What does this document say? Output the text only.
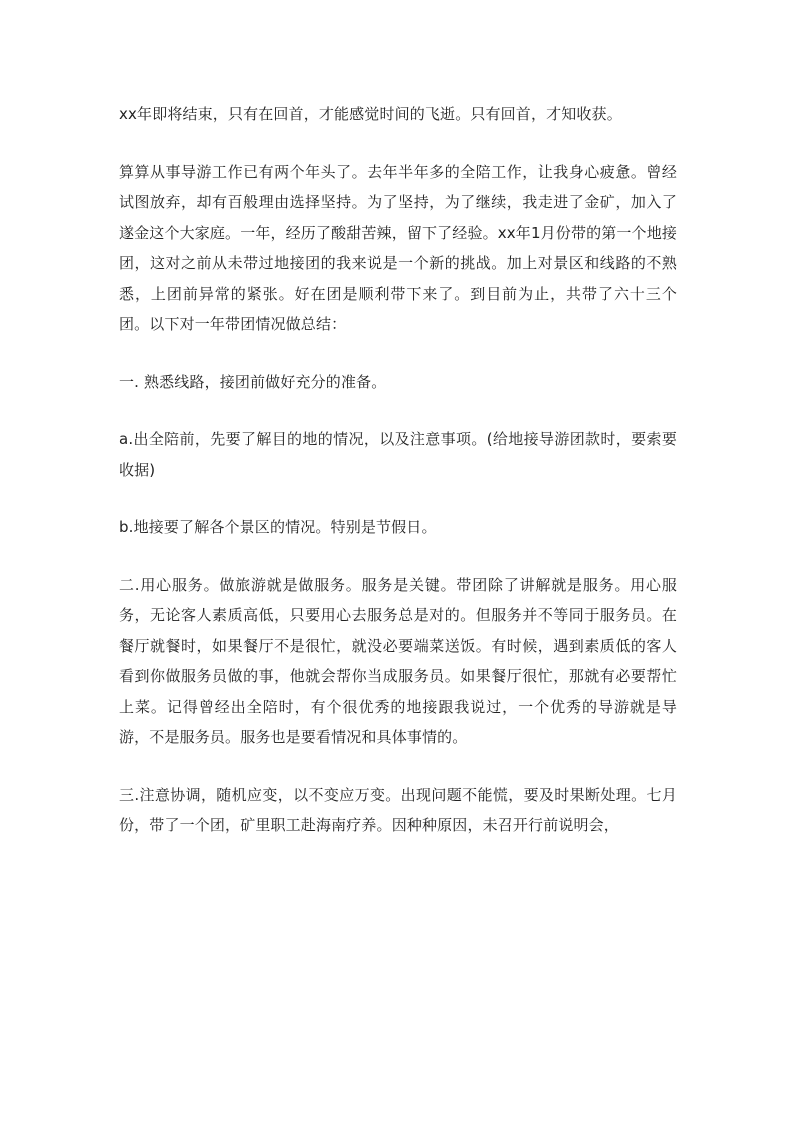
xx年即将结束，只有在回首，才能感觉时间的飞逝。只有回首，才知收获。

算算从事导游工作已有两个年头了。去年半年多的全陪工作，让我身心疲惫。曾经试图放弃，却有百般理由选择坚持。为了坚持，为了继续，我走进了金矿，加入了遂金这个大家庭。一年，经历了酸甜苦辣，留下了经验。xx年1月份带的第一个地接团，这对之前从未带过地接团的我来说是一个新的挑战。加上对景区和线路的不熟悉，上团前异常的紧张。好在团是顺利带下来了。到目前为止，共带了六十三个团。以下对一年带团情况做总结：

一. 熟悉线路，接团前做好充分的准备。

a.出全陪前，先要了解目的地的情况，以及注意事项。(给地接导游团款时，要索要收据)

b.地接要了解各个景区的情况。特别是节假日。

二.用心服务。做旅游就是做服务。服务是关键。带团除了讲解就是服务。用心服务，无论客人素质高低，只要用心去服务总是对的。但服务并不等同于服务员。在餐厅就餐时，如果餐厅不是很忙，就没必要端菜送饭。有时候，遇到素质低的客人看到你做服务员做的事，他就会帮你当成服务员。如果餐厅很忙，那就有必要帮忙上菜。记得曾经出全陪时，有个很优秀的地接跟我说过，一个优秀的导游就是导游，不是服务员。服务也是要看情况和具体事情的。

三.注意协调，随机应变，以不变应万变。出现问题不能慌，要及时果断处理。七月份，带了一个团，矿里职工赴海南疗养。因种种原因，未召开行前说明会，
